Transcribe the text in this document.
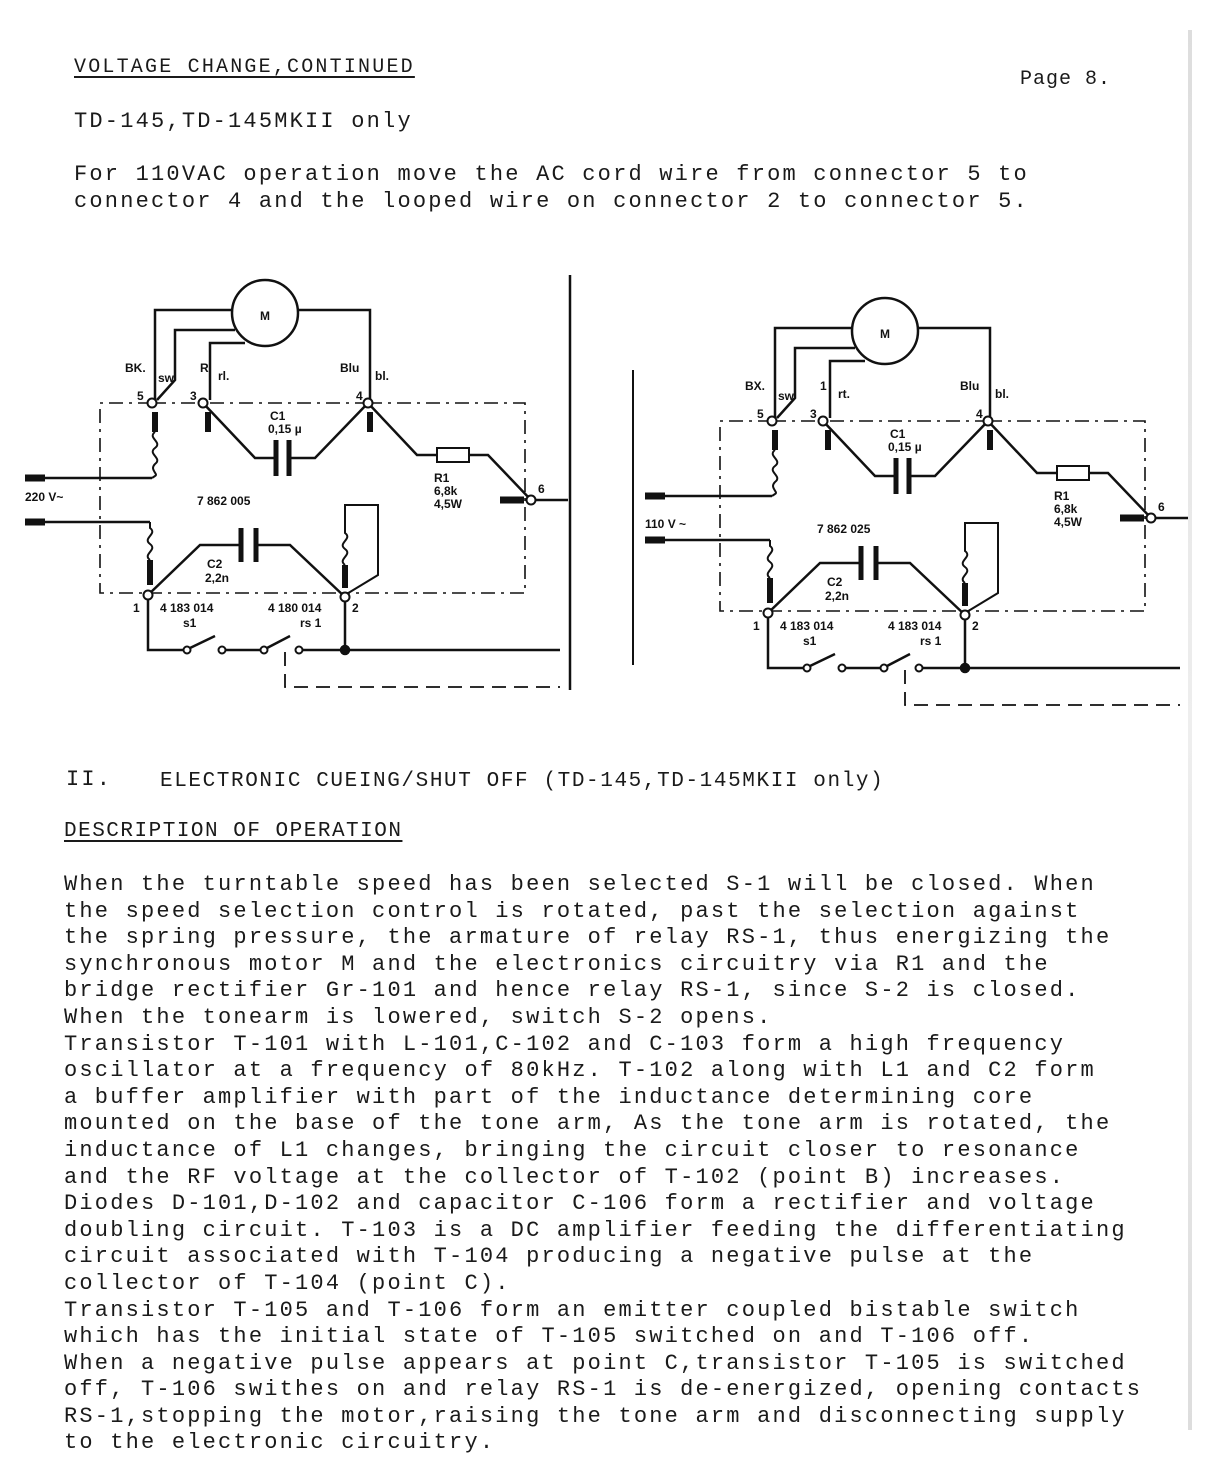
VOLTAGE CHANGE,CONTINUED
Page 8.
TD-145,TD-145MKII only
For 110VAC operation move the AC cord wire from connector 5 to
connector 4 and the looped wire on connector 2 to connector 5.
M
BK.
sw
R
rl.
Blu
bl.
5	3	4
6
1	2
C1
0,15 µ
R1
6,8k
4,5W
220 V~	7 862 005
C2
2,2n
4 183 014
s1
4 180 014
rs 1
M
BX.
sw
1
rt.
Blu
bl.
5	3	4
6
1	2
C1
0,15 µ
R1
6,8k
4,5W
110 V ~	7 862 025
C2
2,2n
4 183 014
s1
4 183 014
rs 1
II. ELECTRONIC CUEING/SHUT OFF (TD-145,TD-145MKII only)
DESCRIPTION OF OPERATION
When the turntable speed has been selected S-1 will be closed. When
the speed selection control is rotated, past the selection against
the spring pressure, the armature of relay RS-1, thus energizing the
synchronous motor M and the electronics circuitry via R1 and the
bridge rectifier Gr-101 and hence relay RS-1, since S-2 is closed.
When the tonearm is lowered, switch S-2 opens.
Transistor T-101 with L-101,C-102 and C-103 form a high frequency
oscillator at a frequency of 80kHz. T-102 along with L1 and C2 form
a buffer amplifier with part of the inductance determining core
mounted on the base of the tone arm, As the tone arm is rotated, the
inductance of L1 changes, bringing the circuit closer to resonance
and the RF voltage at the collector of T-102 (point B) increases.
Diodes D-101,D-102 and capacitor C-106 form a rectifier and voltage
doubling circuit. T-103 is a DC amplifier feeding the differentiating
circuit associated with T-104 producing a negative pulse at the
collector of T-104 (point C).
Transistor T-105 and T-106 form an emitter coupled bistable switch
which has the initial state of T-105 switched on and T-106 off.
When a negative pulse appears at point C,transistor T-105 is switched
off, T-106 swithes on and relay RS-1 is de-energized, opening contacts
RS-1,stopping the motor,raising the tone arm and disconnecting supply
to the electronic circuitry.
